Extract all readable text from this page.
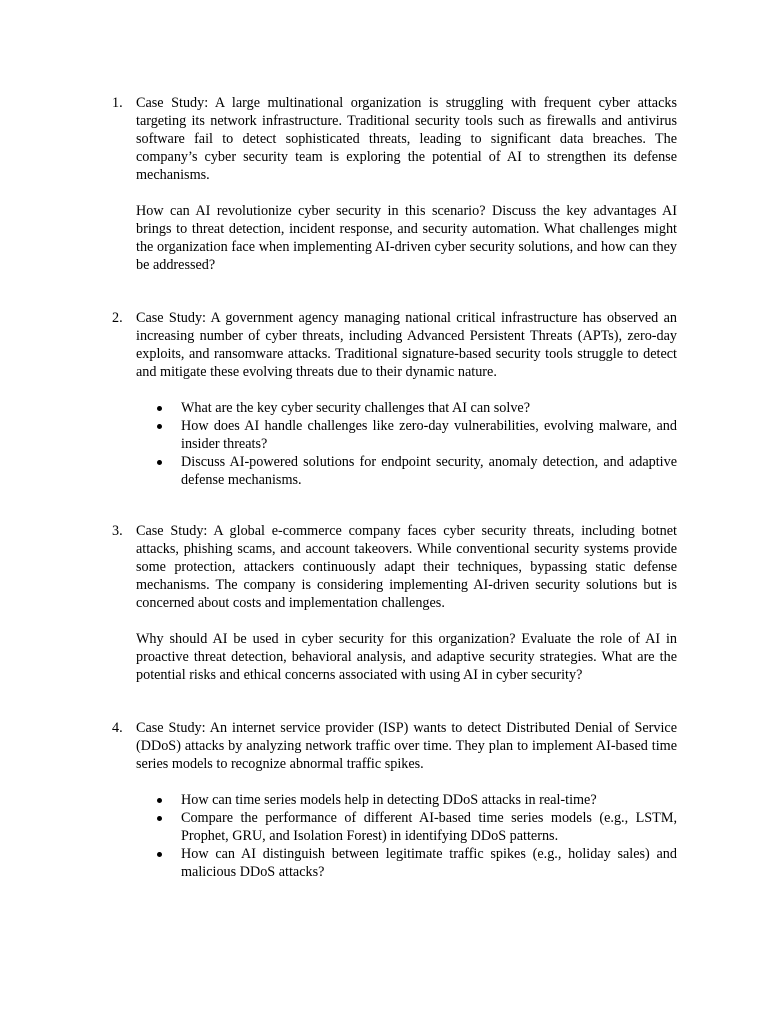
1. Case Study: A large multinational organization is struggling with frequent cyber attacks targeting its network infrastructure. Traditional security tools such as firewalls and antivirus software fail to detect sophisticated threats, leading to significant data breaches. The company’s cyber security team is exploring the potential of AI to strengthen its defense mechanisms.

How can AI revolutionize cyber security in this scenario? Discuss the key advantages AI brings to threat detection, incident response, and security automation. What challenges might the organization face when implementing AI-driven cyber security solutions, and how can they be addressed?

2. Case Study: A government agency managing national critical infrastructure has observed an increasing number of cyber threats, including Advanced Persistent Threats (APTs), zero-day exploits, and ransomware attacks. Traditional signature-based security tools struggle to detect and mitigate these evolving threats due to their dynamic nature.

What are the key cyber security challenges that AI can solve?
How does AI handle challenges like zero-day vulnerabilities, evolving malware, and insider threats?
Discuss AI-powered solutions for endpoint security, anomaly detection, and adaptive defense mechanisms.
3. Case Study: A global e-commerce company faces cyber security threats, including botnet attacks, phishing scams, and account takeovers. While conventional security systems provide some protection, attackers continuously adapt their techniques, bypassing static defense mechanisms. The company is considering implementing AI-driven security solutions but is concerned about costs and implementation challenges.

Why should AI be used in cyber security for this organization? Evaluate the role of AI in proactive threat detection, behavioral analysis, and adaptive security strategies. What are the potential risks and ethical concerns associated with using AI in cyber security?

4. Case Study: An internet service provider (ISP) wants to detect Distributed Denial of Service (DDoS) attacks by analyzing network traffic over time. They plan to implement AI-based time series models to recognize abnormal traffic spikes.

How can time series models help in detecting DDoS attacks in real-time?
Compare the performance of different AI-based time series models (e.g., LSTM, Prophet, GRU, and Isolation Forest) in identifying DDoS patterns.
How can AI distinguish between legitimate traffic spikes (e.g., holiday sales) and malicious DDoS attacks?
